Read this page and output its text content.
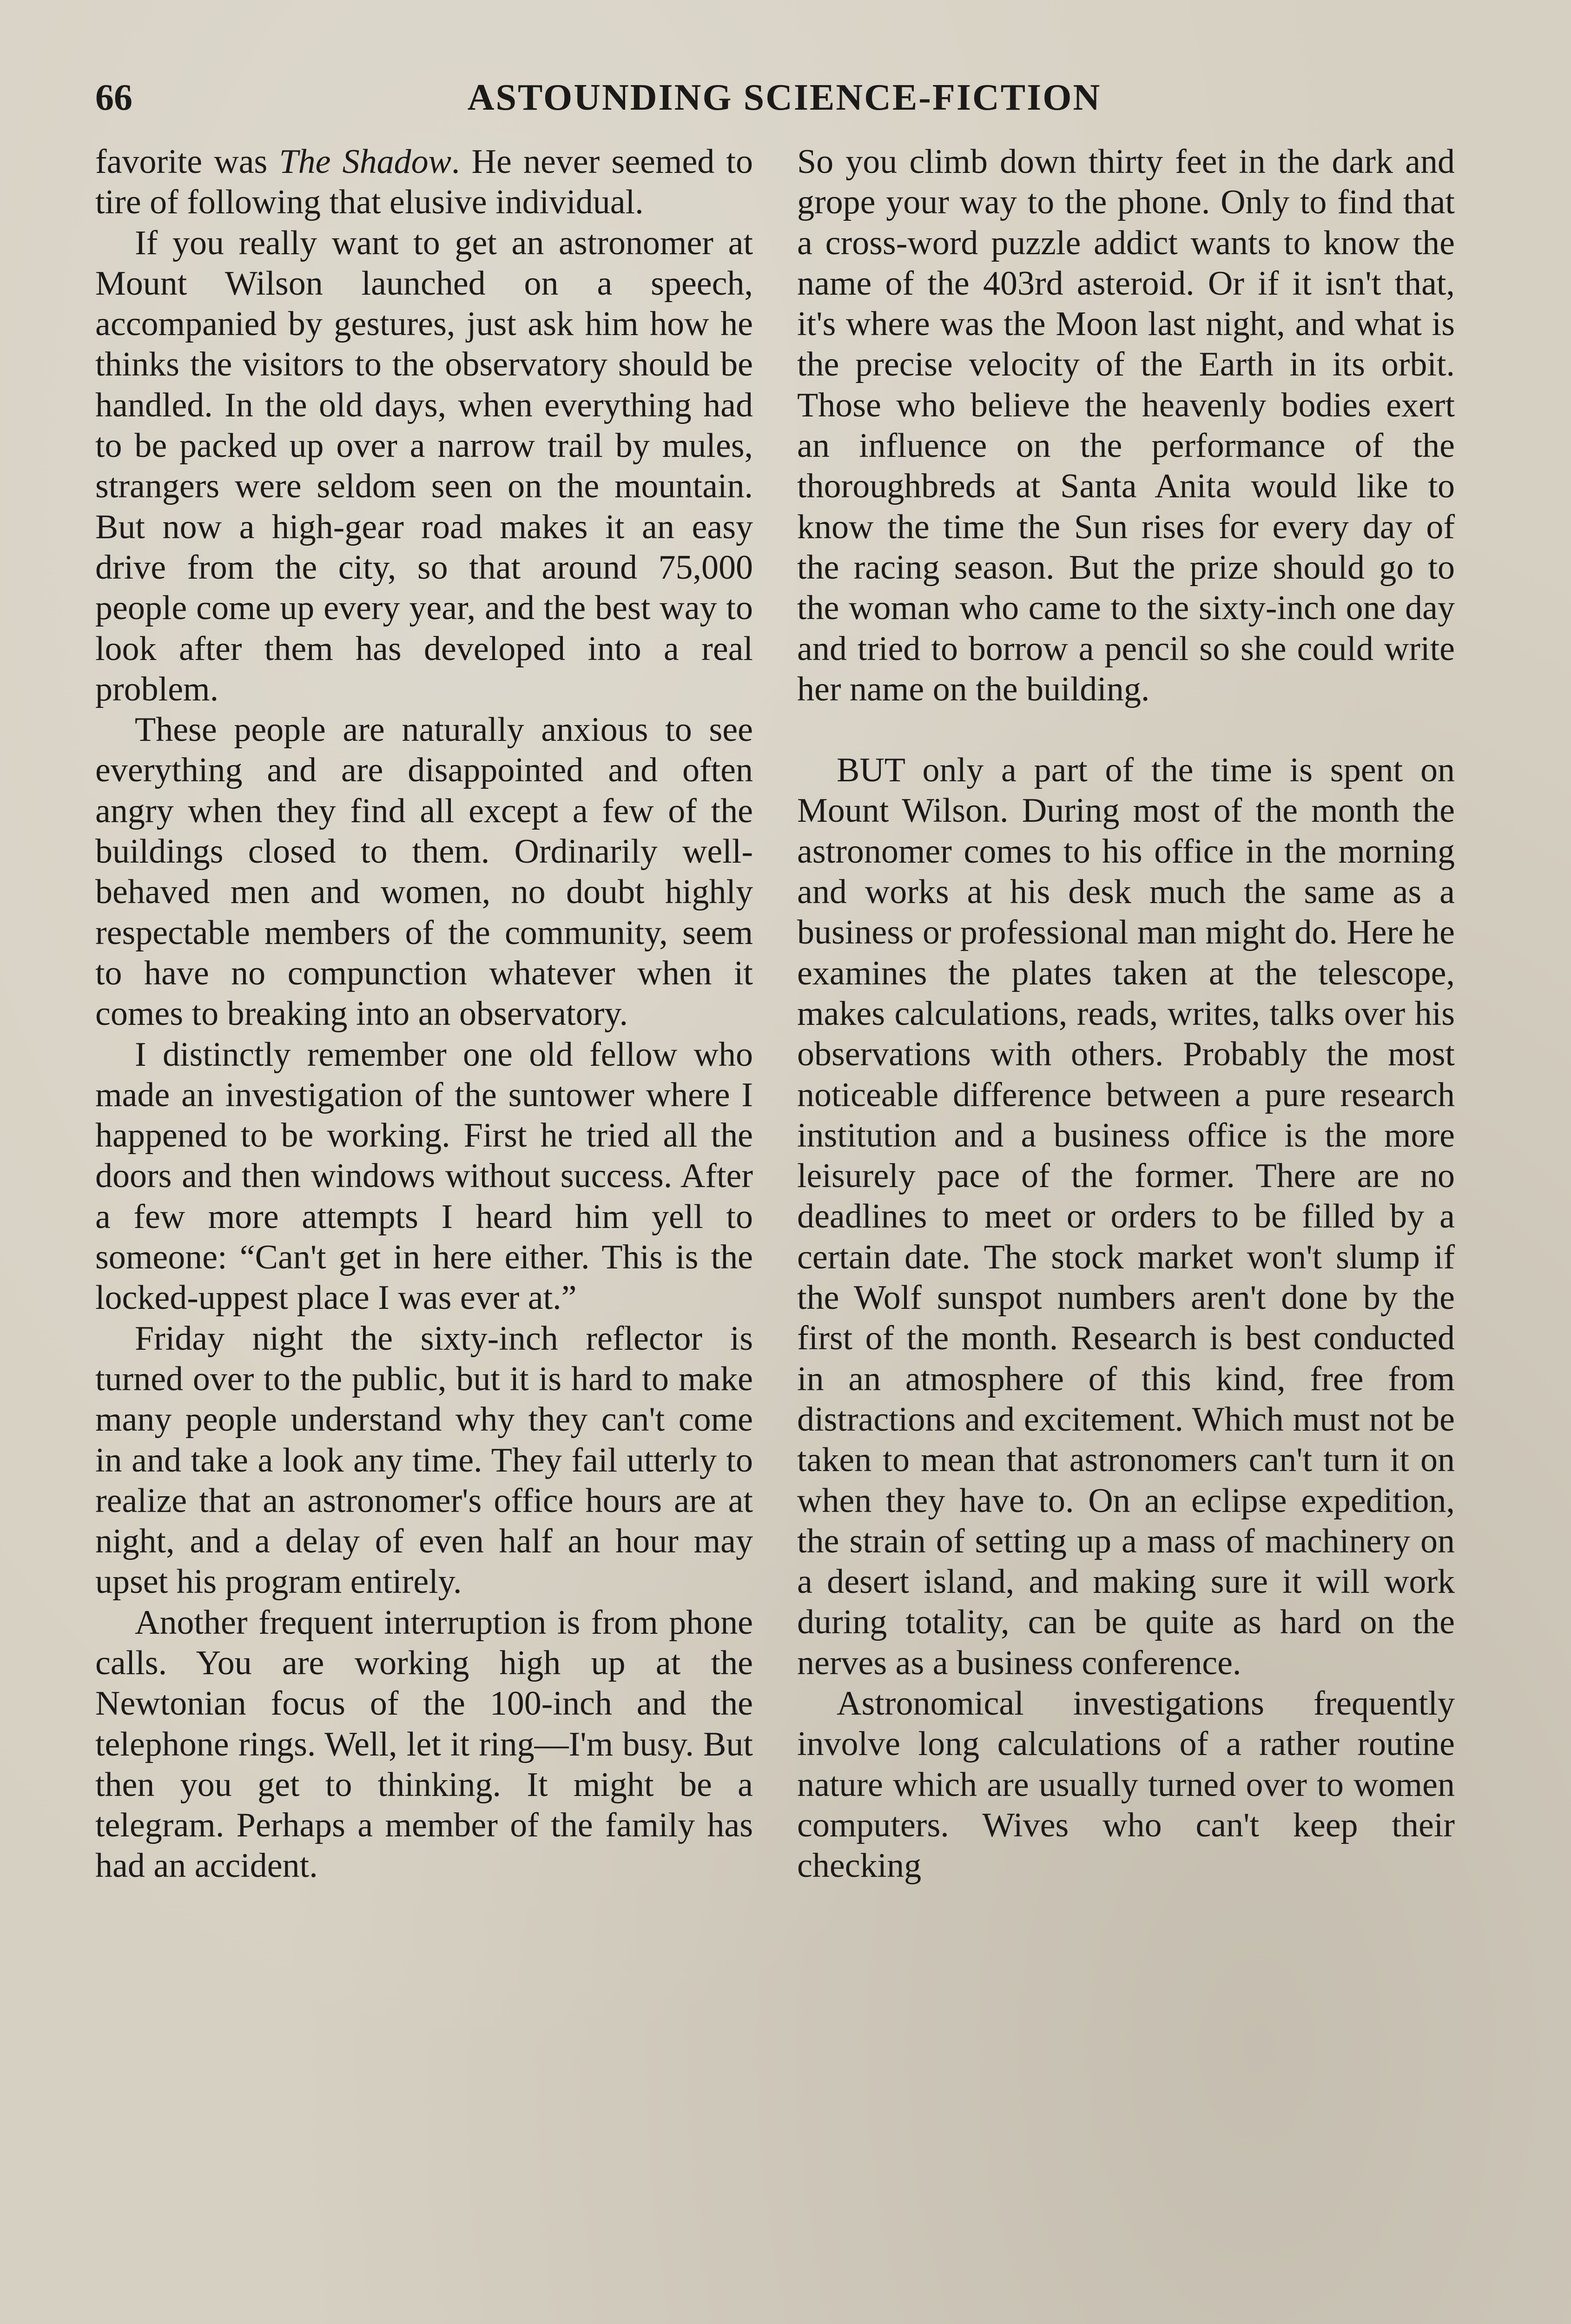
66	ASTOUNDING SCIENCE-FICTION

favorite was The Shadow. He never seemed to tire of following that elusive individual.

If you really want to get an astronomer at Mount Wilson launched on a speech, accompanied by gestures, just ask him how he thinks the visitors to the observatory should be handled. In the old days, when everything had to be packed up over a narrow trail by mules, strangers were seldom seen on the mountain. But now a high-gear road makes it an easy drive from the city, so that around 75,000 people come up every year, and the best way to look after them has developed into a real problem.

These people are naturally anxious to see everything and are disappointed and often angry when they find all except a few of the buildings closed to them. Ordinarily well-behaved men and women, no doubt highly respectable members of the community, seem to have no compunction whatever when it comes to breaking into an observatory.

I distinctly remember one old fellow who made an investigation of the suntower where I happened to be working. First he tried all the doors and then windows without success. After a few more attempts I heard him yell to someone: “Can't get in here either. This is the locked-uppest place I was ever at.”

Friday night the sixty-inch reflector is turned over to the public, but it is hard to make many people understand why they can't come in and take a look any time. They fail utterly to realize that an astronomer's office hours are at night, and a delay of even half an hour may upset his program entirely.

Another frequent interruption is from phone calls. You are working high up at the Newtonian focus of the 100-inch and the telephone rings. Well, let it ring—I'm busy. But then you get to thinking. It might be a telegram. Perhaps a member of the family has had an accident.

So you climb down thirty feet in the dark and grope your way to the phone. Only to find that a cross-word puzzle addict wants to know the name of the 403rd asteroid. Or if it isn't that, it's where was the Moon last night, and what is the precise velocity of the Earth in its orbit. Those who believe the heavenly bodies exert an influence on the performance of the thoroughbreds at Santa Anita would like to know the time the Sun rises for every day of the racing season. But the prize should go to the woman who came to the sixty-inch one day and tried to borrow a pencil so she could write her name on the building.

BUT only a part of the time is spent on Mount Wilson. During most of the month the astronomer comes to his office in the morning and works at his desk much the same as a business or professional man might do. Here he examines the plates taken at the telescope, makes calculations, reads, writes, talks over his observations with others. Probably the most noticeable difference between a pure research institution and a business office is the more leisurely pace of the former. There are no deadlines to meet or orders to be filled by a certain date. The stock market won't slump if the Wolf sunspot numbers aren't done by the first of the month. Research is best conducted in an atmosphere of this kind, free from distractions and excitement. Which must not be taken to mean that astronomers can't turn it on when they have to. On an eclipse expedition, the strain of setting up a mass of machinery on a desert island, and making sure it will work during totality, can be quite as hard on the nerves as a business conference.

Astronomical investigations frequently involve long calculations of a rather routine nature which are usually turned over to women computers. Wives who can't keep their checking
